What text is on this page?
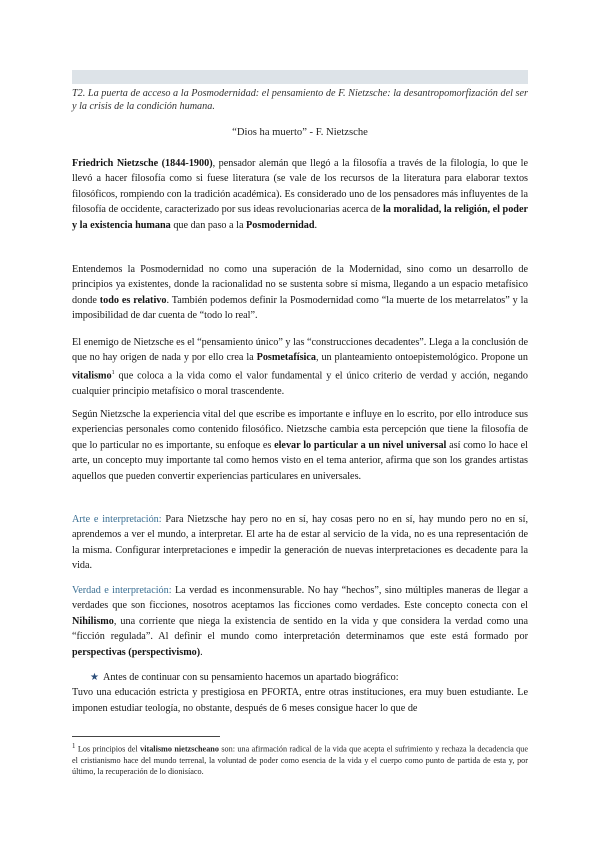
T2. La puerta de acceso a la Posmodernidad: el pensamiento de F. Nietzsche: la desantropomorfización del ser y la crisis de la condición humana.
“Dios ha muerto” - F. Nietzsche
Friedrich Nietzsche (1844-1900), pensador alemán que llegó a la filosofía a través de la filología, lo que le llevó a hacer filosofía como si fuese literatura (se vale de los recursos de la literatura para elaborar textos filosóficos, rompiendo con la tradición académica). Es considerado uno de los pensadores más influyentes de la filosofía de occidente, caracterizado por sus ideas revolucionarias acerca de la moralidad, la religión, el poder y la existencia humana que dan paso a la Posmodernidad.
Entendemos la Posmodernidad no como una superación de la Modernidad, sino como un desarrollo de principios ya existentes, donde la racionalidad no se sustenta sobre sí misma, llegando a un espacio metafísico donde todo es relativo. También podemos definir la Posmodernidad como “la muerte de los metarrelatos” y la imposibilidad de dar cuenta de “todo lo real”.
El enemigo de Nietzsche es el “pensamiento único” y las “construcciones decadentes”. Llega a la conclusión de que no hay origen de nada y por ello crea la Posmetafísica, un planteamiento ontoepistemológico. Propone un vitalismo$^1$ que coloca a la vida como el valor fundamental y el único criterio de verdad y acción, negando cualquier principio metafísico o moral trascendente.
Según Nietzsche la experiencia vital del que escribe es importante e influye en lo escrito, por ello introduce sus experiencias personales como contenido filosófico. Nietzsche cambia esta percepción que tiene la filosofía de que lo particular no es importante, su enfoque es elevar lo particular a un nivel universal así como lo hace el arte, un concepto muy importante tal como hemos visto en el tema anterior, afirma que son los grandes artistas aquellos que pueden convertir experiencias particulares en universales.
Arte e interpretación: Para Nietzsche hay pero no en sí, hay cosas pero no en sí, hay mundo pero no en sí, aprendemos a ver el mundo, a interpretar. El arte ha de estar al servicio de la vida, no es una representación de la misma. Configurar interpretaciones e impedir la generación de nuevas interpretaciones es decadente para la vida.
Verdad e interpretación: La verdad es inconmensurable. No hay “hechos”, sino múltiples maneras de llegar a verdades que son ficciones, nosotros aceptamos las ficciones como verdades. Este concepto conecta con el Nihilismo, una corriente que niega la existencia de sentido en la vida y que considera la verdad como una “ficción regulada”. Al definir el mundo como interpretación determinamos que este está formado por perspectivas (perspectivismo).
★ Antes de continuar con su pensamiento hacemos un apartado biográfico:
Tuvo una educación estricta y prestigiosa en PFORTA, entre otras instituciones, era muy buen estudiante. Le imponen estudiar teología, no obstante, después de 6 meses consigue hacer lo que de
$^1$ Los principios del vitalismo nietzscheano son: una afirmación radical de la vida que acepta el sufrimiento y rechaza la decadencia que el cristianismo hace del mundo terrenal, la voluntad de poder como esencia de la vida y el cuerpo como punto de partida de esta y, por último, la recuperación de lo dionisíaco.
